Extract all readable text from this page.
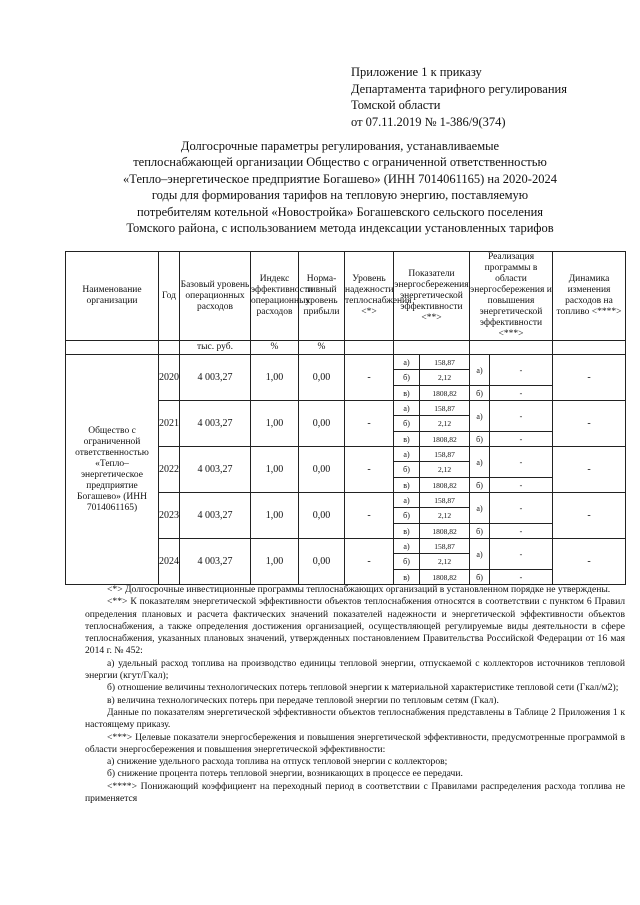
Приложение 1 к приказу
Департамента тарифного регулирования
Томской области
от 07.11.2019 № 1-386/9(374)
Долгосрочные параметры регулирования, устанавливаемые
теплоснабжающей организации Общество с ограниченной ответственностью
«Тепло–энергетическое предприятие Богашево» (ИНН 7014061165) на 2020-2024
годы для формирования тарифов на тепловую энергию, поставляемую
потребителям котельной «Новостройка» Богашевского сельского поселения
Томского района, с использованием метода индексации установленных тарифов
Наименование организации	Год	Базовый уровень операционных расходов	Индекс эффективности операционных расходов	Норма-тивный уровень прибыли	Уровень надежности теплоснабжения <*>	Показатели энергосбережения энергетической эффективности <**>		Реализация программы в области энергосбережения и повышения энергетической эффективности <***>		Динамика изменения расходов на топливо <****>
		тыс. руб.	%	%						
Общество с ограниченной ответственностью «Тепло–энергетическое предприятие Богашево» (ИНН 7014061165)	2020	4 003,27	1,00	0,00	-	а)	158,87	а)	-	-
						б)	2,12			
						в)	1808,82	б)	-	
	2021	4 003,27	1,00	0,00	-	а)	158,87	а)	-	-
						б)	2,12			
						в)	1808,82	б)	-	
	2022	4 003,27	1,00	0,00	-	а)	158,87	а)	-	-
						б)	2,12			
						в)	1808,82	б)	-	
	2023	4 003,27	1,00	0,00	-	а)	158,87	а)	-	-
						б)	2,12			
						в)	1808,82	б)	-	
	2024	4 003,27	1,00	0,00	-	а)	158,87	а)	-	-
						б)	2,12			
						в)	1808,82	б)	-	

<*> Долгосрочные инвестиционные программы теплоснабжающих организаций в установленном порядке не утверждены.

<**> К показателям энергетической эффективности объектов теплоснабжения относятся в соответствии с пунктом 6 Правил определения плановых и расчета фактических значений показателей надежности и энергетической эффективности объектов теплоснабжения, а также определения достижения организацией, осуществляющей регулируемые виды деятельности в сфере теплоснабжения, указанных плановых значений, утвержденных постановлением Правительства Российской Федерации от 16 мая 2014 г. № 452:

а) удельный расход топлива на производство единицы тепловой энергии, отпускаемой с коллекторов источников тепловой энергии (кгут/Гкал);

б) отношение величины технологических потерь тепловой энергии к материальной характеристике тепловой сети (Гкал/м2);

в) величина технологических потерь при передаче тепловой энергии по тепловым сетям (Гкал).

Данные по показателям энергетической эффективности объектов теплоснабжения представлены в Таблице 2 Приложения 1 к настоящему приказу.

<***> Целевые показатели энергосбережения и повышения энергетической эффективности, предусмотренные программой в области энергосбережения и повышения энергетической эффективности:

а) снижение удельного расхода топлива на отпуск тепловой энергии с коллекторов;

б) снижение процента потерь тепловой энергии, возникающих в процессе ее передачи.

<****> Понижающий коэффициент на переходный период в соответствии с Правилами распределения расхода топлива не применяется
